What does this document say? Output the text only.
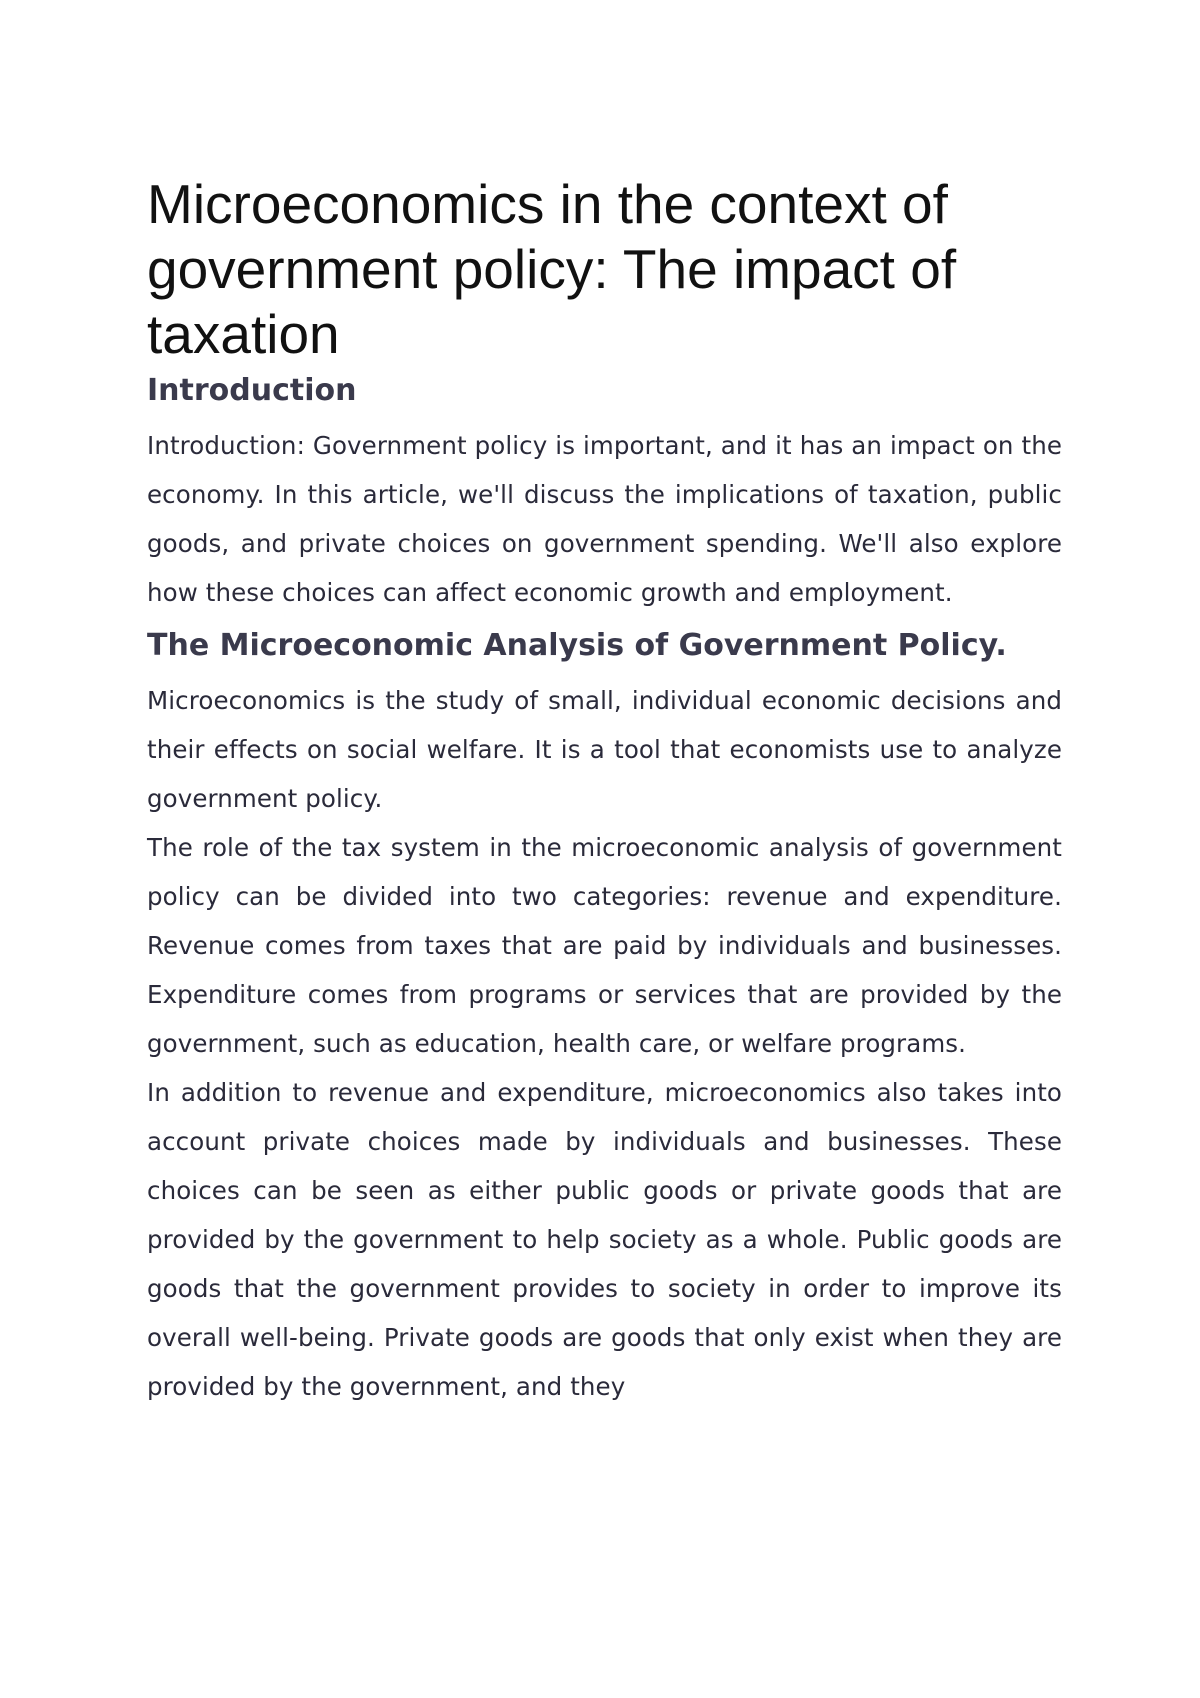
Microeconomics in the context of government policy: The impact of taxation
Introduction

Introduction: Government policy is important, and it has an impact on the economy. In this article, we'll discuss the implications of taxation, public goods, and private choices on government spending. We'll also explore how these choices can affect economic growth and employment.

The Microeconomic Analysis of Government Policy.

Microeconomics is the study of small, individual economic decisions and their effects on social welfare. It is a tool that economists use to analyze government policy.

The role of the tax system in the microeconomic analysis of government policy can be divided into two categories: revenue and expenditure. Revenue comes from taxes that are paid by individuals and businesses. Expenditure comes from programs or services that are provided by the government, such as education, health care, or welfare programs.

In addition to revenue and expenditure, microeconomics also takes into account private choices made by individuals and businesses. These choices can be seen as either public goods or private goods that are provided by the government to help society as a whole. Public goods are goods that the government provides to society in order to improve its overall well-being. Private goods are goods that only exist when they are provided by the government, and they
